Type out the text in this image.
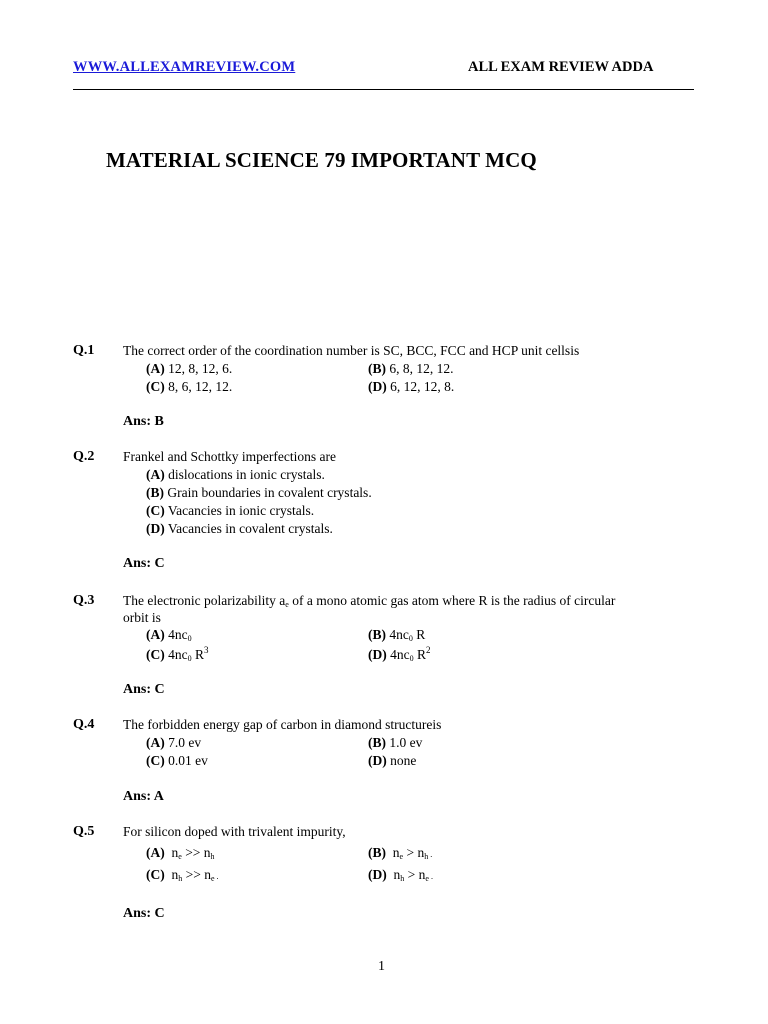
WWW.ALLEXAMREVIEW.COM	ALL EXAM REVIEW ADDA
MATERIAL SCIENCE 79 IMPORTANT MCQ
Q.1 The correct order of the coordination number is SC, BCC, FCC and HCP unit cellsis
(A) 12, 8, 12, 6.	(B) 6, 8, 12, 12.
(C) 8, 6, 12, 12.	(D) 6, 12, 12, 8.
Ans: B
Q.2 Frankel and Schottky imperfections are
(A) dislocations in ionic crystals.
(B) Grain boundaries in covalent crystals.
(C) Vacancies in ionic crystals.
(D) Vacancies in covalent crystals.
Ans: C
Q.3 The electronic polarizability $a_e$ of a mono atomic gas atom where R is the radius of circular
orbit is
(A) $4nc_0$	(B) $4nc_0$ R
(C) $4nc_0$ $R^3$	(D) $4nc_0$ $R^2$
Ans: C
Q.4 The forbidden energy gap of carbon in diamond structureis
(A) 7.0 ev	(B) 1.0 ev
(C) 0.01 ev	(D) none
Ans: A
Q.5 For silicon doped with trivalent impurity,
(A) $n_e >> n_h$	(B) $n_e > n_h$ .
(C) $n_h >> n_e$ .	(D) $n_h > n_e$ .
Ans: C
1
